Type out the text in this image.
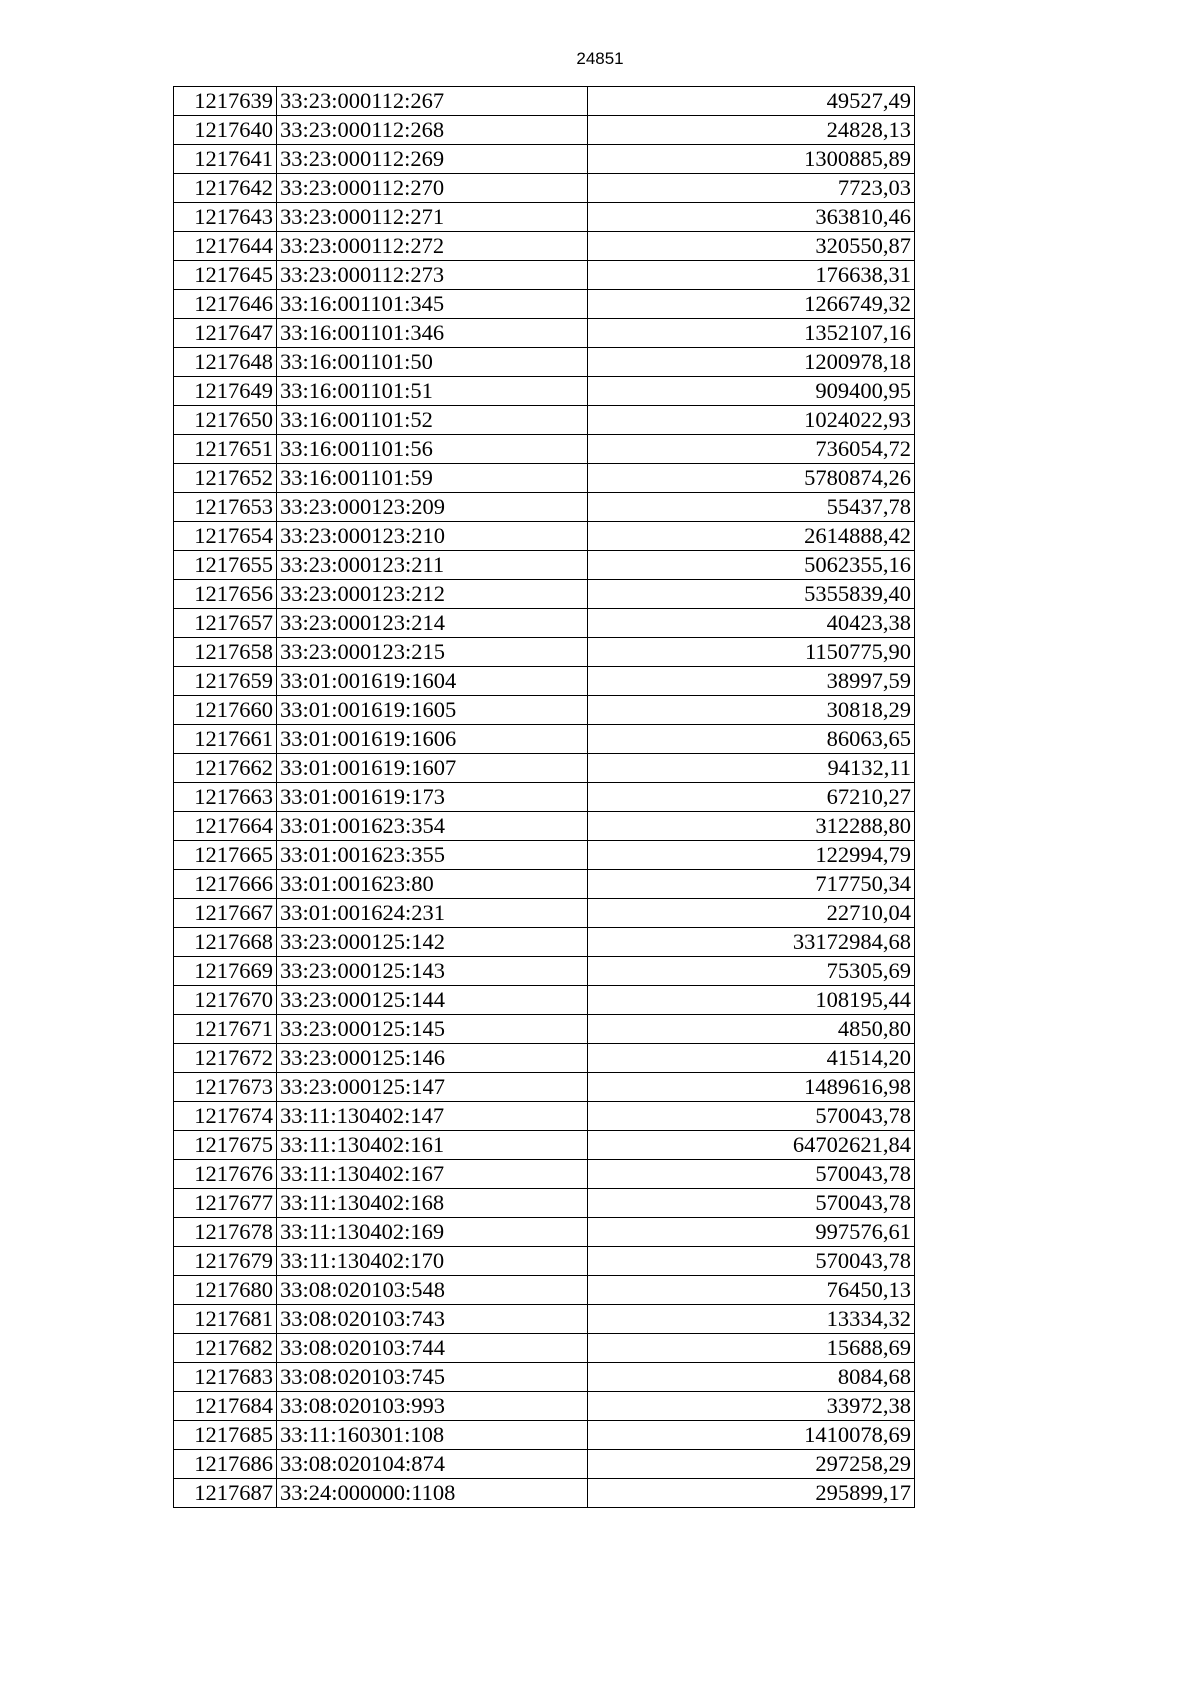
24851
1217639	33:23:000112:267	49527,49
1217640	33:23:000112:268	24828,13
1217641	33:23:000112:269	1300885,89
1217642	33:23:000112:270	7723,03
1217643	33:23:000112:271	363810,46
1217644	33:23:000112:272	320550,87
1217645	33:23:000112:273	176638,31
1217646	33:16:001101:345	1266749,32
1217647	33:16:001101:346	1352107,16
1217648	33:16:001101:50	1200978,18
1217649	33:16:001101:51	909400,95
1217650	33:16:001101:52	1024022,93
1217651	33:16:001101:56	736054,72
1217652	33:16:001101:59	5780874,26
1217653	33:23:000123:209	55437,78
1217654	33:23:000123:210	2614888,42
1217655	33:23:000123:211	5062355,16
1217656	33:23:000123:212	5355839,40
1217657	33:23:000123:214	40423,38
1217658	33:23:000123:215	1150775,90
1217659	33:01:001619:1604	38997,59
1217660	33:01:001619:1605	30818,29
1217661	33:01:001619:1606	86063,65
1217662	33:01:001619:1607	94132,11
1217663	33:01:001619:173	67210,27
1217664	33:01:001623:354	312288,80
1217665	33:01:001623:355	122994,79
1217666	33:01:001623:80	717750,34
1217667	33:01:001624:231	22710,04
1217668	33:23:000125:142	33172984,68
1217669	33:23:000125:143	75305,69
1217670	33:23:000125:144	108195,44
1217671	33:23:000125:145	4850,80
1217672	33:23:000125:146	41514,20
1217673	33:23:000125:147	1489616,98
1217674	33:11:130402:147	570043,78
1217675	33:11:130402:161	64702621,84
1217676	33:11:130402:167	570043,78
1217677	33:11:130402:168	570043,78
1217678	33:11:130402:169	997576,61
1217679	33:11:130402:170	570043,78
1217680	33:08:020103:548	76450,13
1217681	33:08:020103:743	13334,32
1217682	33:08:020103:744	15688,69
1217683	33:08:020103:745	8084,68
1217684	33:08:020103:993	33972,38
1217685	33:11:160301:108	1410078,69
1217686	33:08:020104:874	297258,29
1217687	33:24:000000:1108	295899,17
